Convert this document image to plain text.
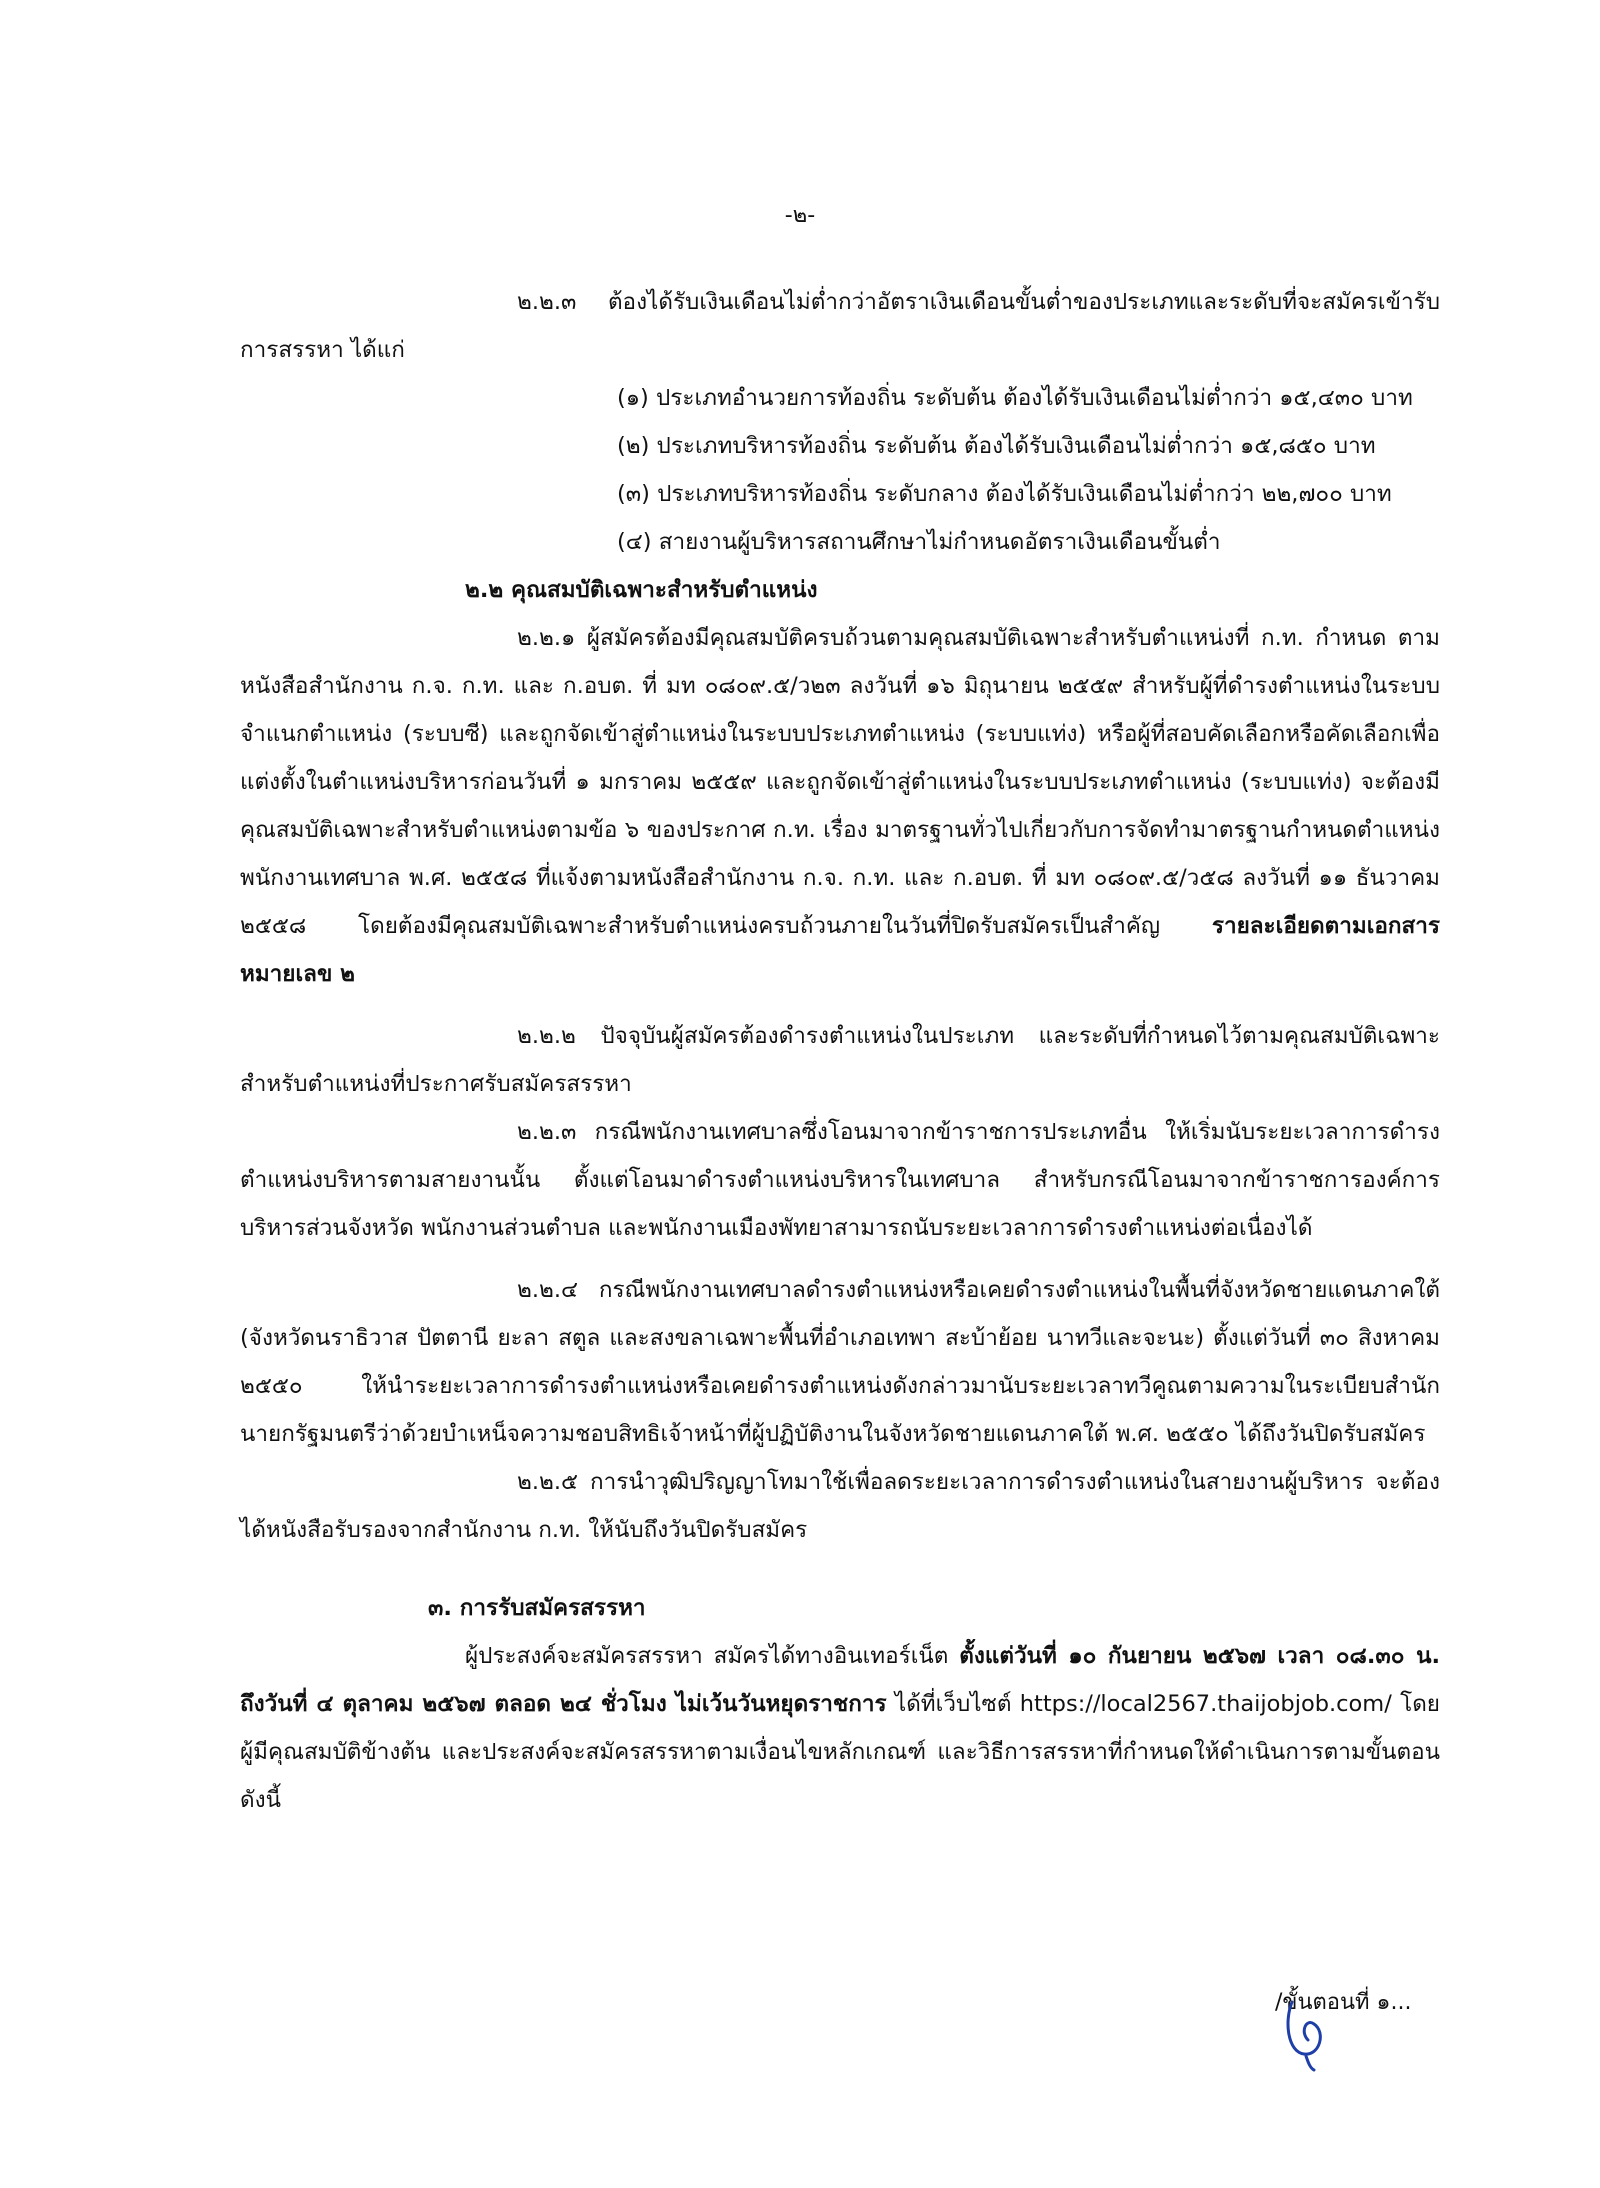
-๒-

๒.๒.๓ ต้องได้รับเงินเดือนไม่ต่ำกว่าอัตราเงินเดือนขั้นต่ำของประเภทและระดับที่จะสมัครเข้ารับการสรรหา ได้แก่

(๑) ประเภทอำนวยการท้องถิ่น ระดับต้น ต้องได้รับเงินเดือนไม่ต่ำกว่า ๑๕,๔๓๐ บาท

(๒) ประเภทบริหารท้องถิ่น ระดับต้น ต้องได้รับเงินเดือนไม่ต่ำกว่า ๑๕,๘๕๐ บาท

(๓) ประเภทบริหารท้องถิ่น ระดับกลาง ต้องได้รับเงินเดือนไม่ต่ำกว่า ๒๒,๗๐๐ บาท

(๔) สายงานผู้บริหารสถานศึกษาไม่กำหนดอัตราเงินเดือนขั้นต่ำ

๒.๒ คุณสมบัติเฉพาะสำหรับตำแหน่ง

๒.๒.๑ ผู้สมัครต้องมีคุณสมบัติครบถ้วนตามคุณสมบัติเฉพาะสำหรับตำแหน่งที่ ก.ท. กำหนด ตามหนังสือสำนักงาน ก.จ. ก.ท. และ ก.อบต. ที่ มท ๐๘๐๙.๕/ว๒๓ ลงวันที่ ๑๖ มิถุนายน ๒๕๕๙ สำหรับผู้ที่ดำรงตำแหน่งในระบบจำแนกตำแหน่ง (ระบบซี) และถูกจัดเข้าสู่ตำแหน่งในระบบประเภทตำแหน่ง (ระบบแท่ง) หรือผู้ที่สอบคัดเลือกหรือคัดเลือกเพื่อแต่งตั้งในตำแหน่งบริหารก่อนวันที่ ๑ มกราคม ๒๕๕๙ และถูกจัดเข้าสู่ตำแหน่งในระบบประเภทตำแหน่ง (ระบบแท่ง) จะต้องมีคุณสมบัติเฉพาะสำหรับตำแหน่งตามข้อ ๖ ของประกาศ ก.ท. เรื่อง มาตรฐานทั่วไปเกี่ยวกับการจัดทำมาตรฐานกำหนดตำแหน่งพนักงานเทศบาล พ.ศ. ๒๕๕๘ ที่แจ้งตามหนังสือสำนักงาน ก.จ. ก.ท. และ ก.อบต. ที่ มท ๐๘๐๙.๕/ว๕๘ ลงวันที่ ๑๑ ธันวาคม ๒๕๕๘ โดยต้องมีคุณสมบัติเฉพาะสำหรับตำแหน่งครบถ้วนภายในวันที่ปิดรับสมัครเป็นสำคัญ รายละเอียดตามเอกสารหมายเลข ๒

๒.๒.๒ ปัจจุบันผู้สมัครต้องดำรงตำแหน่งในประเภท และระดับที่กำหนดไว้ตามคุณสมบัติเฉพาะสำหรับตำแหน่งที่ประกาศรับสมัครสรรหา

๒.๒.๓ กรณีพนักงานเทศบาลซึ่งโอนมาจากข้าราชการประเภทอื่น ให้เริ่มนับระยะเวลาการดำรงตำแหน่งบริหารตามสายงานนั้น ตั้งแต่โอนมาดำรงตำแหน่งบริหารในเทศบาล สำหรับกรณีโอนมาจากข้าราชการองค์การบริหารส่วนจังหวัด พนักงานส่วนตำบล และพนักงานเมืองพัทยาสามารถนับระยะเวลาการดำรงตำแหน่งต่อเนื่องได้

๒.๒.๔ กรณีพนักงานเทศบาลดำรงตำแหน่งหรือเคยดำรงตำแหน่งในพื้นที่จังหวัดชายแดนภาคใต้ (จังหวัดนราธิวาส ปัตตานี ยะลา สตูล และสงขลาเฉพาะพื้นที่อำเภอเทพา สะบ้าย้อย นาทวีและจะนะ) ตั้งแต่วันที่ ๓๐ สิงหาคม ๒๕๕๐ ให้นำระยะเวลาการดำรงตำแหน่งหรือเคยดำรงตำแหน่งดังกล่าวมานับระยะเวลาทวีคูณตามความในระเบียบสำนักนายกรัฐมนตรีว่าด้วยบำเหน็จความชอบสิทธิเจ้าหน้าที่ผู้ปฏิบัติงานในจังหวัดชายแดนภาคใต้ พ.ศ. ๒๕๕๐ ได้ถึงวันปิดรับสมัคร

๒.๒.๕ การนำวุฒิปริญญาโทมาใช้เพื่อลดระยะเวลาการดำรงตำแหน่งในสายงานผู้บริหาร จะต้องได้หนังสือรับรองจากสำนักงาน ก.ท. ให้นับถึงวันปิดรับสมัคร

๓. การรับสมัครสรรหา

ผู้ประสงค์จะสมัครสรรหา สมัครได้ทางอินเทอร์เน็ต ตั้งแต่วันที่ ๑๐ กันยายน ๒๕๖๗ เวลา ๐๘.๓๐ น. ถึงวันที่ ๔ ตุลาคม ๒๕๖๗ ตลอด ๒๔ ชั่วโมง ไม่เว้นวันหยุดราชการ ได้ที่เว็บไซต์ https://local2567.thaijobjob.com/ โดยผู้มีคุณสมบัติข้างต้น และประสงค์จะสมัครสรรหาตามเงื่อนไขหลักเกณฑ์ และวิธีการสรรหาที่กำหนดให้ดำเนินการตามขั้นตอนดังนี้

/ขั้นตอนที่ ๑...
